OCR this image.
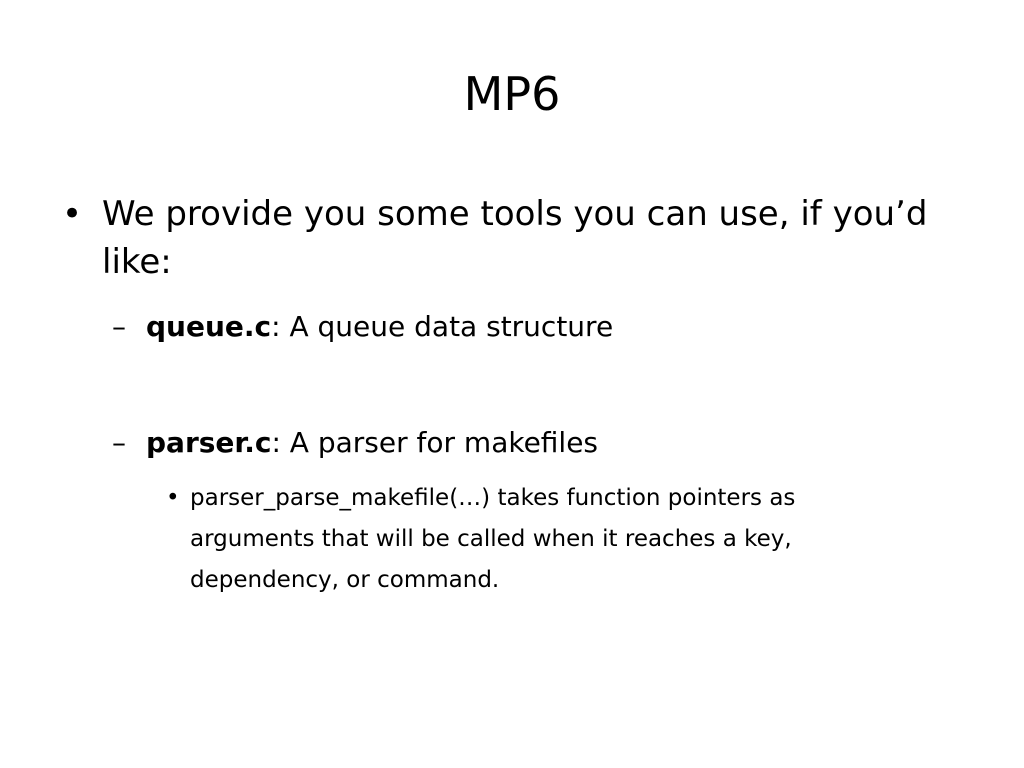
MP6
• We provide you some tools you can use, if you’d like:
– queue.c: A queue data structure
– parser.c: A parser for makefiles
• parser_parse_makefile(…) takes function pointers as arguments that will be called when it reaches a key, dependency, or command.
